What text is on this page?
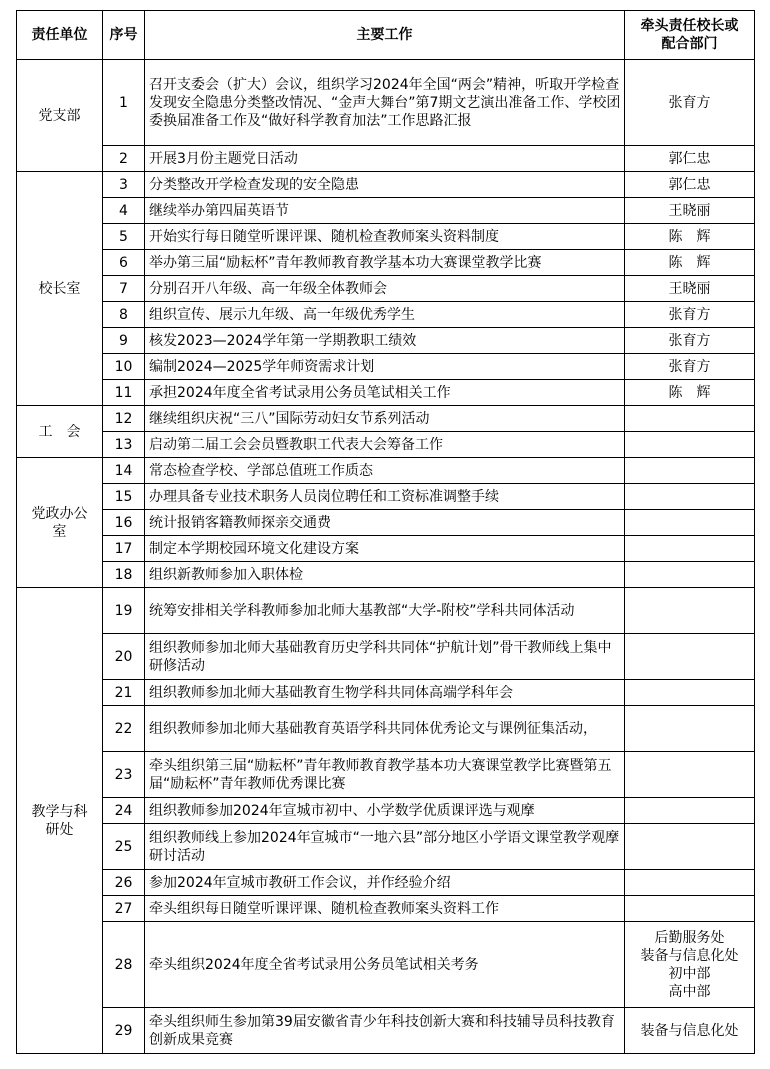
责任单位	序号	主要工作	牵头责任校长或配合部门
党支部	1	召开支委会（扩大）会议，组织学习2024年全国“两会”精神，听取开学检查发现安全隐患分类整改情况、“金声大舞台”第7期文艺演出准备工作、学校团委换届准备工作及“做好科学教育加法”工作思路汇报	张育方
	2	开展3月份主题党日活动	郭仁忠
校长室	3	分类整改开学检查发现的安全隐患	郭仁忠
	4	继续举办第四届英语节	王晓丽
	5	开始实行每日随堂听课评课、随机检查教师案头资料制度	陈　辉
	6	举办第三届“励耘杯”青年教师教育教学基本功大赛课堂教学比赛	陈　辉
	7	分别召开八年级、高一年级全体教师会	王晓丽
	8	组织宣传、展示九年级、高一年级优秀学生	张育方
	9	核发2023—2024学年第一学期教职工绩效	张育方
	10	编制2024—2025学年师资需求计划	张育方
	11	承担2024年度全省考试录用公务员笔试相关工作	陈　辉
工　会	12	继续组织庆祝“三八”国际劳动妇女节系列活动	
	13	启动第二届工会会员暨教职工代表大会筹备工作	
党政办公室	14	常态检查学校、学部总值班工作质态	
	15	办理具备专业技术职务人员岗位聘任和工资标准调整手续	
	16	统计报销客籍教师探亲交通费	
	17	制定本学期校园环境文化建设方案	
	18	组织新教师参加入职体检	
教学与科研处	19	统筹安排相关学科教师参加北师大基教部“大学-附校”学科共同体活动	
	20	组织教师参加北师大基础教育历史学科共同体“护航计划”骨干教师线上集中研修活动	
	21	组织教师参加北师大基础教育生物学科共同体高端学科年会	
	22	组织教师参加北师大基础教育英语学科共同体优秀论文与课例征集活动，	
	23	牵头组织第三届“励耘杯”青年教师教育教学基本功大赛课堂教学比赛暨第五届“励耘杯”青年教师优秀课比赛	
	24	组织教师参加2024年宣城市初中、小学数学优质课评选与观摩	
	25	组织教师线上参加2024年宣城市“一地六县”部分地区小学语文课堂教学观摩研讨活动	
	26	参加2024年宣城市教研工作会议，并作经验介绍	
	27	牵头组织每日随堂听课评课、随机检查教师案头资料工作	
	28	牵头组织2024年度全省考试录用公务员笔试相关考务	后勤服务处
装备与信息化处
初中部
高中部
	29	牵头组织师生参加第39届安徽省青少年科技创新大赛和科技辅导员科技教育创新成果竞赛	装备与信息化处
